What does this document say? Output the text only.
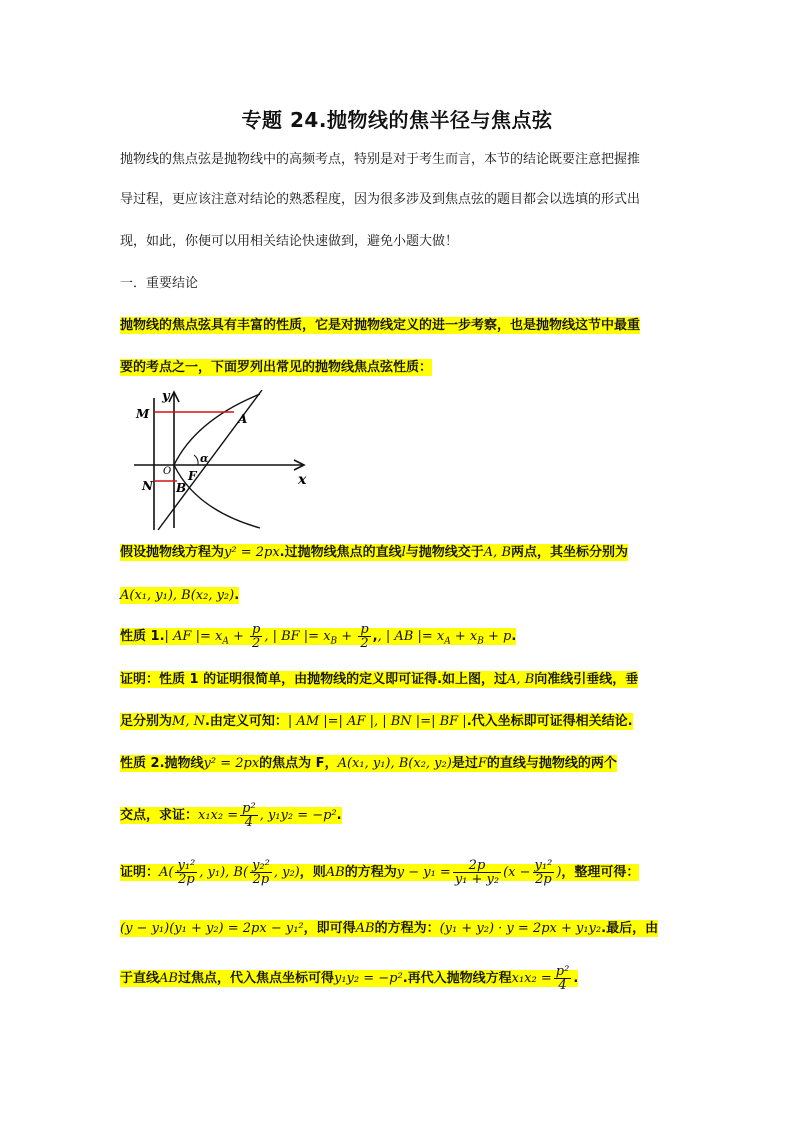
专题 24.抛物线的焦半径与焦点弦
抛物线的焦点弦是抛物线中的高频考点，特别是对于考生而言，本节的结论既要注意把握推
导过程，更应该注意对结论的熟悉程度，因为很多涉及到焦点弦的题目都会以选填的形式出
现，如此，你便可以用相关结论快速做到，避免小题大做！
一．重要结论
抛物线的焦点弦具有丰富的性质，它是对抛物线定义的进一步考察，也是抛物线这节中最重
要的考点之一，下面罗列出常见的抛物线焦点弦性质：
y
x
M	A
O
α
F
N B
假设抛物线方程为y² = 2px.过抛物线焦点的直线l与抛物线交于A, B两点，其坐标分别为
A(x₁, y₁), B(x₂, y₂).
性质 1.| AF |= $x_A + \frac{p}{2}$ , | BF |= $x_B + \frac{p}{2}$ ,, | AB |= $x_A + x_B + p$.
证明：性质 1 的证明很简单，由抛物线的定义即可证得.如上图，过A, B向准线引垂线，垂
足分别为M, N.由定义可知：| AM |=| AF |, | BN |=| BF |.代入坐标即可证得相关结论.
性质 2.抛物线y² = 2px的焦点为 F，A(x₁, y₁), B(x₂, y₂)是过F的直线与抛物线的两个
交点，求证：$x_1x_2 = \frac{\text{p²}}{4}$ , y₁y₂ = −p².
证明：$A( \frac{\text{y₁²}}{2p}$ , y₁), $B( \frac{\text{y₂²}}{2p}$ , y₂)，则AB的方程为$y - y_1 = \frac{2p}{\text{y₁ + y₂}} (x - \frac{\text{y₁²}}{2p}$ )，整理可得：
(y − y₁)(y₁ + y₂) = 2px − y₁²，即可得AB的方程为：(y₁ + y₂) · y = 2px + y₁y₂.最后，由
于直线AB过焦点，代入焦点坐标可得y₁y₂ = −p².再代入抛物线方程$x_1x_2 = \frac{\text{p²}}{4}$ .
